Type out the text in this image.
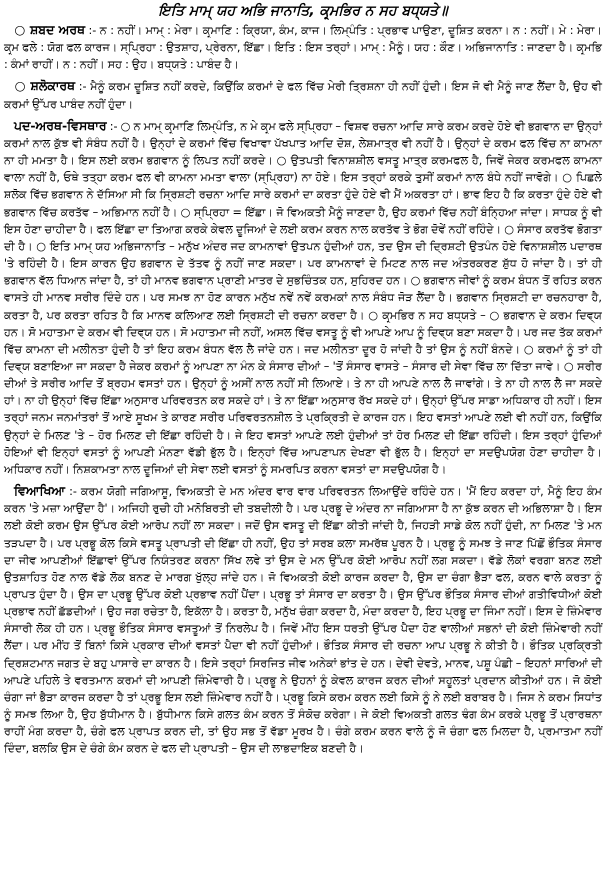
ਇਤਿ ਮਾਮ੍ ਯਹ ਅਭਿ ਜਾਨਾਤਿ, ਕਰ੍ਮਭਿਰ ਨ ਸਹ ਬਧ੍ਯਤੇ॥

○ ਸ਼ਬਦ ਅਰਥ :- ਨ : ਨਹੀਂ। ਮਾਮ੍ : ਮੇਰਾ। ਕਰ੍ਮਾਣਿ : ਕ੍ਰਿਯਾ, ਕੰਮ, ਕਾਜ। ਲਿਮ੍ਪੰਤਿ : ਪ੍ਰਭਾਵ ਪਾਉਣਾ, ਦੂਸ਼ਿਤ ਕਰਨਾ। ਨ : ਨਹੀਂ। ਮੇ : ਮੇਰਾ। ਕਰ੍ਮ ਫਲੇ : ਯੋਗ ਫਲ ਕਾਰਜ। ਸ੍ਪ੍ਰਿਹਾ : ਉਤਸ਼ਾਹ, ਪ੍ਰੇਰਨਾ, ਇੱਛਾ। ਇਤਿ : ਇਸ ਤਰ੍ਹਾਂ। ਮਾਮ੍ : ਮੈਨੂੰ। ਯਹ : ਕੌਣ। ਅਭਿਜਾਨਾਤਿ : ਜਾਣਦਾ ਹੈ। ਕਰ੍ਮਭਿ : ਕੰਮਾਂ ਰਾਹੀਂ। ਨ : ਨਹੀਂ। ਸਹ : ਉਹ। ਬਧ੍ਯਤੇ : ਪਾਬੰਦ ਹੈ।

○ ਸ਼ਲੋਕਾਰਥ :- ਮੈਨੂੰ ਕਰਮ ਦੂਸ਼ਿਤ ਨਹੀਂ ਕਰਦੇ, ਕਿਉਂਕਿ ਕਰਮਾਂ ਦੇ ਫਲ ਵਿੱਚ ਮੇਰੀ ਤ੍ਰਿਸ਼ਨਾ ਹੀ ਨਹੀਂ ਹੁੰਦੀ। ਇਸ ਜੋ ਵੀ ਮੈਨੂੰ ਜਾਣ ਲੈਂਦਾ ਹੈ, ਉਹ ਵੀ ਕਰਮਾਂ ਉੱਪਰ ਪਾਬੰਦ ਨਹੀਂ ਹੁੰਦਾ।

ਪਦ-ਅਰਥ-ਵਿਸਥਾਰ :- ○ ਨ ਮਾਮ੍ ਕਰ੍ਮਾਣਿ ਲਿਮ੍ਪੰਤਿ, ਨ ਮੇ ਕਰ੍ਮ ਫਲੇ ਸ੍ਪ੍ਰਿਹਾ – ਵਿਸ਼ਵ ਰਚਨਾ ਆਦਿ ਸਾਰੇ ਕਰਮ ਕਰਦੇ ਹੋਏ ਵੀ ਭਗਵਾਨ ਦਾ ਉਨ੍ਹਾਂ ਕਰਮਾਂ ਨਾਲ ਕੁੱਝ ਵੀ ਸੰਬੰਧ ਨਹੀਂ ਹੈ। ਉਨ੍ਹਾਂ ਦੇ ਕਰਮਾਂ ਵਿੱਚ ਵਿਖਾਵਾ ਪੱਖਪਾਤ ਆਦਿ ਦੋਸ਼, ਲੇਸ਼ਮਾਤ੍ਰ ਵੀ ਨਹੀਂ ਹੈ। ਉਨ੍ਹਾਂ ਦੇ ਕਰਮ ਫਲ ਵਿੱਚ ਨਾ ਕਾਮਨਾ ਨਾ ਹੀ ਮਮਤਾ ਹੈ। ਇਸ ਲਈ ਕਰਮ ਭਗਵਾਨ ਨੂੰ ਲਿਪਤ ਨਹੀਂ ਕਰਦੇ। ○ ਉਤਪਤੀ ਵਿਨਾਸ਼ਸ਼ੀਲ ਵਸਤੂ ਮਾਤ੍ਰ ਕਰਮਫਲ ਹੈ, ਜਿਵੇਂ ਜੇਕਰ ਕਰਮਫਲ ਕਾਮਨਾ ਵਾਲਾ ਨਹੀਂ ਹੈ, ਓਥੇ ਤਤ੍ਹਾ ਕਰਮ ਫਲ ਵੀ ਕਾਮਨਾ ਮਮਤਾ ਵਾਲਾ (ਸ੍ਪ੍ਰਿਹਾ) ਨਾ ਹੋਏ। ਇਸ ਤਰ੍ਹਾਂ ਕਰਕੇ ਤੁਸੀਂ ਕਰਮਾਂ ਨਾਲ ਬੰਧੇ ਨਹੀਂ ਜਾਵੋਗੇ। ○ ਪਿਛਲੇ ਸ਼ਲੋਕ ਵਿੱਚ ਭਗਵਾਨ ਨੇ ਦੱਸਿਆ ਸੀ ਕਿ ਸ੍ਰਿਸ਼ਟੀ ਰਚਨਾ ਆਦਿ ਸਾਰੇ ਕਰਮਾਂ ਦਾ ਕਰਤਾ ਹੁੰਦੇ ਹੋਏ ਵੀ ਮੈਂ ਅਕਰਤਾ ਹਾਂ। ਭਾਵ ਇਹ ਹੈ ਕਿ ਕਰਤਾ ਹੁੰਦੇ ਹੋਏ ਵੀ ਭਗਵਾਨ ਵਿੱਚ ਕਰਤੱਵ – ਅਭਿਮਾਨ ਨਹੀਂ ਹੈ। ○ ਸ੍ਪ੍ਰਿਹਾ = ਇੱਛਾ। ਜੋ ਵਿਅਕਤੀ ਮੈਨੂੰ ਜਾਣਦਾ ਹੈ, ਉਹ ਕਰਮਾਂ ਵਿੱਚ ਨਹੀਂ ਬੰਨ੍ਹਿਆ ਜਾਂਦਾ। ਸਾਧਕ ਨੂੰ ਵੀ ਇਸ ਹੋਣਾ ਚਾਹੀਦਾ ਹੈ। ਫਲ ਇੱਛਾ ਦਾ ਤਿਆਗ ਕਰਕੇ ਕੇਵਲ ਦੂਜਿਆਂ ਦੇ ਲਈ ਕਰਮ ਕਰਨ ਨਾਲ ਕਰਤੱਵ ਤੇ ਭੋਗ ਦੋਵੇਂ ਨਹੀਂ ਰਹਿੰਦੇ। ○ ਸੰਸਾਰ ਕਰਤੱਵ ਭੋਗਤਾ ਦੀ ਹੈ। ○ ਇਤਿ ਮਾਮ੍ ਯਹ ਅਭਿਜਾਨਾਤਿ – ਮਨੁੱਖ ਅੰਦਰ ਜਦ ਕਾਮਨਾਵਾਂ ਉਤਪਨ ਹੁੰਦੀਆਂ ਹਨ, ਤਦ ਉਸ ਦੀ ਦ੍ਰਿਸ਼ਟੀ ਉਤਪੰਨ ਹੋਏ ਵਿਨਾਸ਼ਸ਼ੀਲ ਪਦਾਰਥ 'ਤੇ ਰਹਿੰਦੀ ਹੈ। ਇਸ ਕਾਰਨ ਉਹ ਭਗਵਾਨ ਦੇ ਤੱਤਵ ਨੂੰ ਨਹੀਂ ਜਾਣ ਸਕਦਾ। ਪਰ ਕਾਮਨਾਵਾਂ ਦੇ ਮਿਟਣ ਨਾਲ ਜਦ ਅੰਤਰਕਰਣ ਸ਼ੁੱਧ ਹੋ ਜਾਂਦਾ ਹੈ। ਤਾਂ ਹੀ ਭਗਵਾਨ ਵੱਲ ਧਿਆਨ ਜਾਂਦਾ ਹੈ, ਤਾਂ ਹੀ ਮਾਨਵ ਭਗਵਾਨ ਪ੍ਰਾਣੀ ਮਾਤਰ ਦੇ ਸੁਭਚਿੰਤਕ ਹਨ, ਸੁਹਿਰਦ ਹਨ। ○ ਭਗਵਾਨ ਜੀਵਾਂ ਨੂੰ ਕਰਮ ਬੰਧਨ ਤੋਂ ਰਹਿਤ ਕਰਨ ਵਾਸਤੇ ਹੀ ਮਾਨਵ ਸਰੀਰ ਦਿੰਦੇ ਹਨ। ਪਰ ਸਮਝ ਨਾ ਹੋਣ ਕਾਰਨ ਮਨੁੱਖ ਨਵੇਂ ਨਵੇਂ ਕਰਮਕਾਂ ਨਾਲ ਸੰਬੰਧ ਜੋੜ ਲੈਂਦਾ ਹੈ। ਭਗਵਾਨ ਸ੍ਰਿਸ਼ਟੀ ਦਾ ਰਚਨਹਾਰਾ ਹੈ, ਕਰਤਾ ਹੈ, ਪਰ ਕਰਤਾ ਰਹਿਤ ਹੈ ਕਿ ਮਾਨਵ ਕਲਿਆਣ ਲਈ ਸ੍ਰਿਸ਼ਟੀ ਦੀ ਰਚਨਾ ਕਰਦਾ ਹੈ। ○ ਕਰ੍ਮਭਿਰ ਨ ਸਹ ਬਧ੍ਯਤੇ – ○ ਭਗਵਾਨ ਦੇ ਕਰਮ ਦਿਵ੍ਯ ਹਨ। ਸੋ ਮਹਾਤਮਾ ਦੇ ਕਰਮ ਵੀ ਦਿਵ੍ਯ ਹਨ। ਸੋ ਮਹਾਤਮਾ ਜੀ ਨਹੀਂ, ਅਸਲ ਵਿੱਚ ਵਸਤੂ ਨੂੰ ਵੀ ਆਪਣੇ ਆਪ ਨੂੰ ਦਿਵ੍ਯ ਬਣਾ ਸਕਦਾ ਹੈ। ਪਰ ਜਦ ਤੱਕ ਕਰਮਾਂ ਵਿੱਚ ਕਾਮਨਾ ਦੀ ਮਲੀਨਤਾ ਹੁੰਦੀ ਹੈ ਤਾਂ ਇਹ ਕਰਮ ਬੰਧਨ ਵੱਲ ਲੈ ਜਾਂਦੇ ਹਨ। ਜਦ ਮਲੀਨਤਾ ਦੂਰ ਹੋ ਜਾਂਦੀ ਹੈ ਤਾਂ ਉਸ ਨੂੰ ਨਹੀਂ ਬੰਨਦੇ। ○ ਕਰਮਾਂ ਨੂੰ ਤਾਂ ਹੀ ਦਿਵ੍ਯ ਬਣਾਇਆ ਜਾ ਸਕਦਾ ਹੈ ਜੇਕਰ ਕਰਮਾਂ ਨੂੰ ਆਪਣਾ ਨਾ ਮੰਨ ਕੇ ਸੰਸਾਰ ਦੀਆਂ – 'ਤੋਂ ਸੰਸਾਰ ਵਾਸਤੇ – ਸੰਸਾਰ ਦੀ ਸੇਵਾ ਵਿੱਚ ਲਾ ਦਿੱਤਾ ਜਾਵੇ। ○ ਸਰੀਰ ਦੀਆਂ ਤੇ ਸਰੀਰ ਆਦਿ ਤੋਂ ਬ੍ਰਹਮ ਵਸਤਾਂ ਹਨ। ਉਨ੍ਹਾਂ ਨੂੰ ਅਸੀਂ ਨਾਲ ਨਹੀਂ ਸੀ ਲਿਆਏ। ਤੇ ਨਾ ਹੀ ਆਪਣੇ ਨਾਲ ਲੈ ਜਾਵਾਂਗੇ। ਤੇ ਨਾ ਹੀ ਨਾਲ ਲੈ ਜਾ ਸਕਦੇ ਹਾਂ। ਨਾ ਹੀ ਉਨ੍ਹਾਂ ਵਿੱਚ ਇੱਛਾ ਅਨੁਸਾਰ ਪਰਿਵਰਤਨ ਕਰ ਸਕਦੇ ਹਾਂ। ਤੇ ਨਾ ਇੱਛਾ ਅਨੁਸਾਰ ਰੱਖ ਸਕਦੇ ਹਾਂ। ਉਨ੍ਹਾਂ ਉੱਪਰ ਸਾਡਾ ਅਧਿਕਾਰ ਹੀ ਨਹੀਂ। ਇਸ ਤਰ੍ਹਾਂ ਜਨਮ ਜਨਮਾਂਤਰਾਂ ਤੋਂ ਆਏ ਸੂਖਮ ਤੇ ਕਾਰਣ ਸਰੀਰ ਪਰਿਵਰਤਨਸ਼ੀਲ ਤੇ ਪ੍ਰਕ੍ਰਿਤੀ ਦੇ ਕਾਰਜ ਹਨ। ਇਹ ਵਸਤਾਂ ਆਪਣੇ ਲਈ ਵੀ ਨਹੀਂ ਹਨ, ਕਿਉਂਕਿ ਉਨ੍ਹਾਂ ਦੇ ਮਿਲਣ 'ਤੇ – ਹੋਰ ਮਿਲਣ ਦੀ ਇੱਛਾ ਰਹਿੰਦੀ ਹੈ। ਜੇ ਇਹ ਵਸਤਾਂ ਆਪਣੇ ਲਈ ਹੁੰਦੀਆਂ ਤਾਂ ਹੋਰ ਮਿਲਣ ਦੀ ਇੱਛਾ ਰਹਿੰਦੀ। ਇਸ ਤਰ੍ਹਾਂ ਹੁੰਦਿਆਂ ਹੋਇਆਂ ਵੀ ਇਨ੍ਹਾਂ ਵਸਤਾਂ ਨੂੰ ਆਪਣੀ ਮੰਨਣਾ ਵੱਡੀ ਭੁੱਲ ਹੈ। ਇਨ੍ਹਾਂ ਵਿੱਚ ਆਪਣਾਪਨ ਦੇਖਣਾ ਵੀ ਭੁੱਲ ਹੈ। ਇਨ੍ਹਾਂ ਦਾ ਸਦਉਪਯੋਗ ਹੋਣਾ ਚਾਹੀਦਾ ਹੈ। ਅਧਿਕਾਰ ਨਹੀਂ। ਨਿਸ਼ਕਾਮਤਾ ਨਾਲ ਦੂਜਿਆਂ ਦੀ ਸੇਵਾ ਲਈ ਵਸਤਾਂ ਨੂੰ ਸਮਰਪਿਤ ਕਰਨਾ ਵਸਤਾਂ ਦਾ ਸਦਉਪਯੋਗ ਹੈ।

ਵਿਆਖਿਆ :- ਕਰਮ ਯੋਗੀ ਜਗਿਆਸੂ, ਵਿਅਕਤੀ ਦੇ ਮਨ ਅੰਦਰ ਵਾਰ ਵਾਰ ਪਰਿਵਰਤਨ ਲਿਆਉਂਦੇ ਰਹਿੰਦੇ ਹਨ। 'ਮੈਂ ਇਹ ਕਰਦਾ ਹਾਂ, ਮੈਨੂੰ ਇਹ ਕੰਮ ਕਰਨ 'ਤੇ ਮਜ਼ਾ ਆਉਂਦਾ ਹੈ'। ਅਜਿਹੀ ਰੁਚੀ ਹੀ ਮਨੋਬਿਰਤੀ ਦੀ ਤਬਦੀਲੀ ਹੈ। ਪਰ ਪ੍ਰਭੂ ਦੇ ਅੰਦਰ ਨਾ ਜਗਿਆਸਾ ਹੈ ਨਾ ਕੁੱਝ ਕਰਨ ਦੀ ਅਭਿਲਾਸ਼ਾ ਹੈ। ਇਸ ਲਈ ਕੋਈ ਕਰਮ ਉਸ ਉੱਪਰ ਕੋਈ ਆਰੋਪ ਨਹੀਂ ਲਾ ਸਕਦਾ। ਜਦੋਂ ਉਸ ਵਸਤੂ ਦੀ ਇੱਛਾ ਕੀਤੀ ਜਾਂਦੀ ਹੈ, ਜਿਹੜੀ ਸਾਡੇ ਕੋਲ ਨਹੀਂ ਹੁੰਦੀ, ਨਾ ਮਿਲਣ 'ਤੇ ਮਨ ਤੜਪਦਾ ਹੈ। ਪਰ ਪ੍ਰਭੂ ਕੋਲ ਕਿਸੇ ਵਸਤੂ ਪ੍ਰਾਪਤੀ ਦੀ ਇੱਛਾ ਹੀ ਨਹੀਂ, ਉਹ ਤਾਂ ਸਰਬ ਕਲਾ ਸਮਰੱਥ ਪੂਰਨ ਹੈ। ਪ੍ਰਭੂ ਨੂੰ ਸਮਝ ਤੇ ਜਾਣ ਪਿੱਛੋਂ ਭੌਤਿਕ ਸੰਸਾਰ ਦਾ ਜੀਵ ਆਪਣੀਆਂ ਇੱਛਾਵਾਂ ਉੱਪਰ ਨਿਯੰਤਰਣ ਕਰਨਾ ਸਿੱਖ ਲਵੇ ਤਾਂ ਉਸ ਦੇ ਮਨ ਉੱਪਰ ਕੋਈ ਆਰੋਪ ਨਹੀਂ ਲਗ ਸਕਦਾ। ਵੱਡੇ ਲੋਕਾਂ ਵਰਗਾ ਬਨਣ ਲਈ ਉਤਸ਼ਾਹਿਤ ਹੋਣ ਨਾਲ ਵੱਡੇ ਲੋਕ ਬਨਣ ਦੇ ਮਾਰਗ ਖੁੱਲ੍ਹ ਜਾਂਦੇ ਹਨ। ਜੋ ਵਿਅਕਤੀ ਕੋਈ ਕਾਰਜ ਕਰਦਾ ਹੈ, ਉਸ ਦਾ ਚੰਗਾ ਭੈੜਾ ਫਲ, ਕਰਨ ਵਾਲੇ ਕਰਤਾ ਨੂੰ ਪ੍ਰਾਪਤ ਹੁੰਦਾ ਹੈ। ਉਸ ਦਾ ਪ੍ਰਭੂ ਉੱਪਰ ਕੋਈ ਪ੍ਰਭਾਵ ਨਹੀਂ ਪੈਂਦਾ। ਪ੍ਰਭੂ ਤਾਂ ਸੰਸਾਰ ਦਾ ਕਰਤਾ ਹੈ। ਉਸ ਉੱਪਰ ਭੌਤਿਕ ਸੰਸਾਰ ਦੀਆਂ ਗਤੀਵਿਧੀਆਂ ਕੋਈ ਪ੍ਰਭਾਵ ਨਹੀਂ ਛੱਡਦੀਆਂ। ਉਹ ਜਗ ਰਚੇਤਾ ਹੈ, ਇਕੱਲਾ ਹੈ। ਕਰਤਾ ਹੈ, ਮਨੁੱਖ ਚੰਗਾ ਕਰਦਾ ਹੈ, ਮੰਦਾ ਕਰਦਾ ਹੈ, ਇਹ ਪ੍ਰਭੂ ਦਾ ਜਿੰਮਾ ਨਹੀਂ। ਇਸ ਦੇ ਜ਼ਿੰਮੇਵਾਰ ਸੰਸਾਰੀ ਲੋਕ ਹੀ ਹਨ। ਪ੍ਰਭੂ ਭੌਤਿਕ ਸੰਸਾਰ ਵਸਤੂਆਂ ਤੋਂ ਨਿਰਲੇਪ ਹੈ। ਜਿਵੇਂ ਮੀਂਹ ਇਸ ਧਰਤੀ ਉੱਪਰ ਪੈਦਾ ਹੋਣ ਵਾਲੀਆਂ ਸਭਨਾਂ ਦੀ ਕੋਈ ਜ਼ਿੰਮੇਵਾਰੀ ਨਹੀਂ ਲੈਂਦਾ। ਪਰ ਮੀਂਹ ਤੋਂ ਬਿਨਾਂ ਕਿਸੇ ਪ੍ਰਕਾਰ ਦੀਆਂ ਵਸਤਾਂ ਪੈਦਾ ਵੀ ਨਹੀਂ ਹੁੰਦੀਆਂ। ਭੌਤਿਕ ਸੰਸਾਰ ਦੀ ਰਚਨਾ ਆਪ ਪ੍ਰਭੂ ਨੇ ਕੀਤੀ ਹੈ। ਭੌਤਿਕ ਪ੍ਰਕ੍ਰਿਤੀ ਦ੍ਰਿਸ਼ਟਮਾਨ ਜਗਤ ਦੇ ਬਹੁ ਪਾਸਾਰੇ ਦਾ ਕਾਰਨ ਹੈ। ਇਸੇ ਤਰ੍ਹਾਂ ਸਿਰਜਿਤ ਜੀਵ ਅਨੇਕਾਂ ਭਾਂਤ ਦੇ ਹਨ। ਦੇਵੀ ਦੇਵਤੇ, ਮਾਨਵ, ਪਸ਼ੂ ਪੰਛੀ – ਇਹਨਾਂ ਸਾਰਿਆਂ ਦੀ ਆਪਣੇ ਪਹਿਲੇ ਤੇ ਵਰਤਮਾਨ ਕਰਮਾਂ ਦੀ ਆਪਣੀ ਜ਼ਿੰਮੇਵਾਰੀ ਹੈ। ਪ੍ਰਭੂ ਨੇ ਉਹਨਾਂ ਨੂੰ ਕੇਵਲ ਕਾਰਜ ਕਰਨ ਦੀਆਂ ਸਹੂਲਤਾਂ ਪ੍ਰਦਾਨ ਕੀਤੀਆਂ ਹਨ। ਜੋ ਕੋਈ ਚੰਗਾ ਜਾਂ ਭੈੜਾ ਕਾਰਜ ਕਰਦਾ ਹੈ ਤਾਂ ਪ੍ਰਭੂ ਇਸ ਲਈ ਜ਼ਿੰਮੇਵਾਰ ਨਹੀਂ ਹੈ। ਪ੍ਰਭੂ ਕਿਸੇ ਕਰਮ ਕਰਨ ਲਈ ਕਿਸੇ ਨੂੰ ਨੇ ਲਈ ਬਰਾਬਰ ਹੈ। ਜਿਸ ਨੇ ਕਰਮ ਸਿਧਾਂਤ ਨੂੰ ਸਮਝ ਲਿਆ ਹੈ, ਉਹ ਬੁੱਧੀਮਾਨ ਹੈ। ਬੁੱਧੀਮਾਨ ਕਿਸੇ ਗਲਤ ਕੰਮ ਕਰਨ ਤੋਂ ਸੰਕੋਚ ਕਰੇਗਾ। ਜੇ ਕੋਈ ਵਿਅਕਤੀ ਗਲਤ ਢੰਗ ਕੰਮ ਕਰਕੇ ਪ੍ਰਭੂ ਤੋਂ ਪ੍ਰਾਰਥਨਾ ਰਾਹੀਂ ਮੰਗ ਕਰਦਾ ਹੈ, ਚੰਗੇ ਫਲ ਪ੍ਰਾਪਤ ਕਰਨ ਦੀ, ਤਾਂ ਉਹ ਸਭ ਤੋਂ ਵੱਡਾ ਮੂਰਖ ਹੈ। ਚੰਗੇ ਕਰਮ ਕਰਨ ਵਾਲੇ ਨੂੰ ਜੋ ਚੰਗਾ ਫਲ ਮਿਲਦਾ ਹੈ, ਪ੍ਰਮਾਤਮਾ ਨਹੀਂ ਦਿੰਦਾ, ਬਲਕਿ ਉਸ ਦੇ ਚੰਗੇ ਕੰਮ ਕਰਨ ਦੇ ਫਲ ਦੀ ਪ੍ਰਾਪਤੀ – ਉਸ ਦੀ ਲਾਭਦਾਇਕ ਬਣਦੀ ਹੈ।
